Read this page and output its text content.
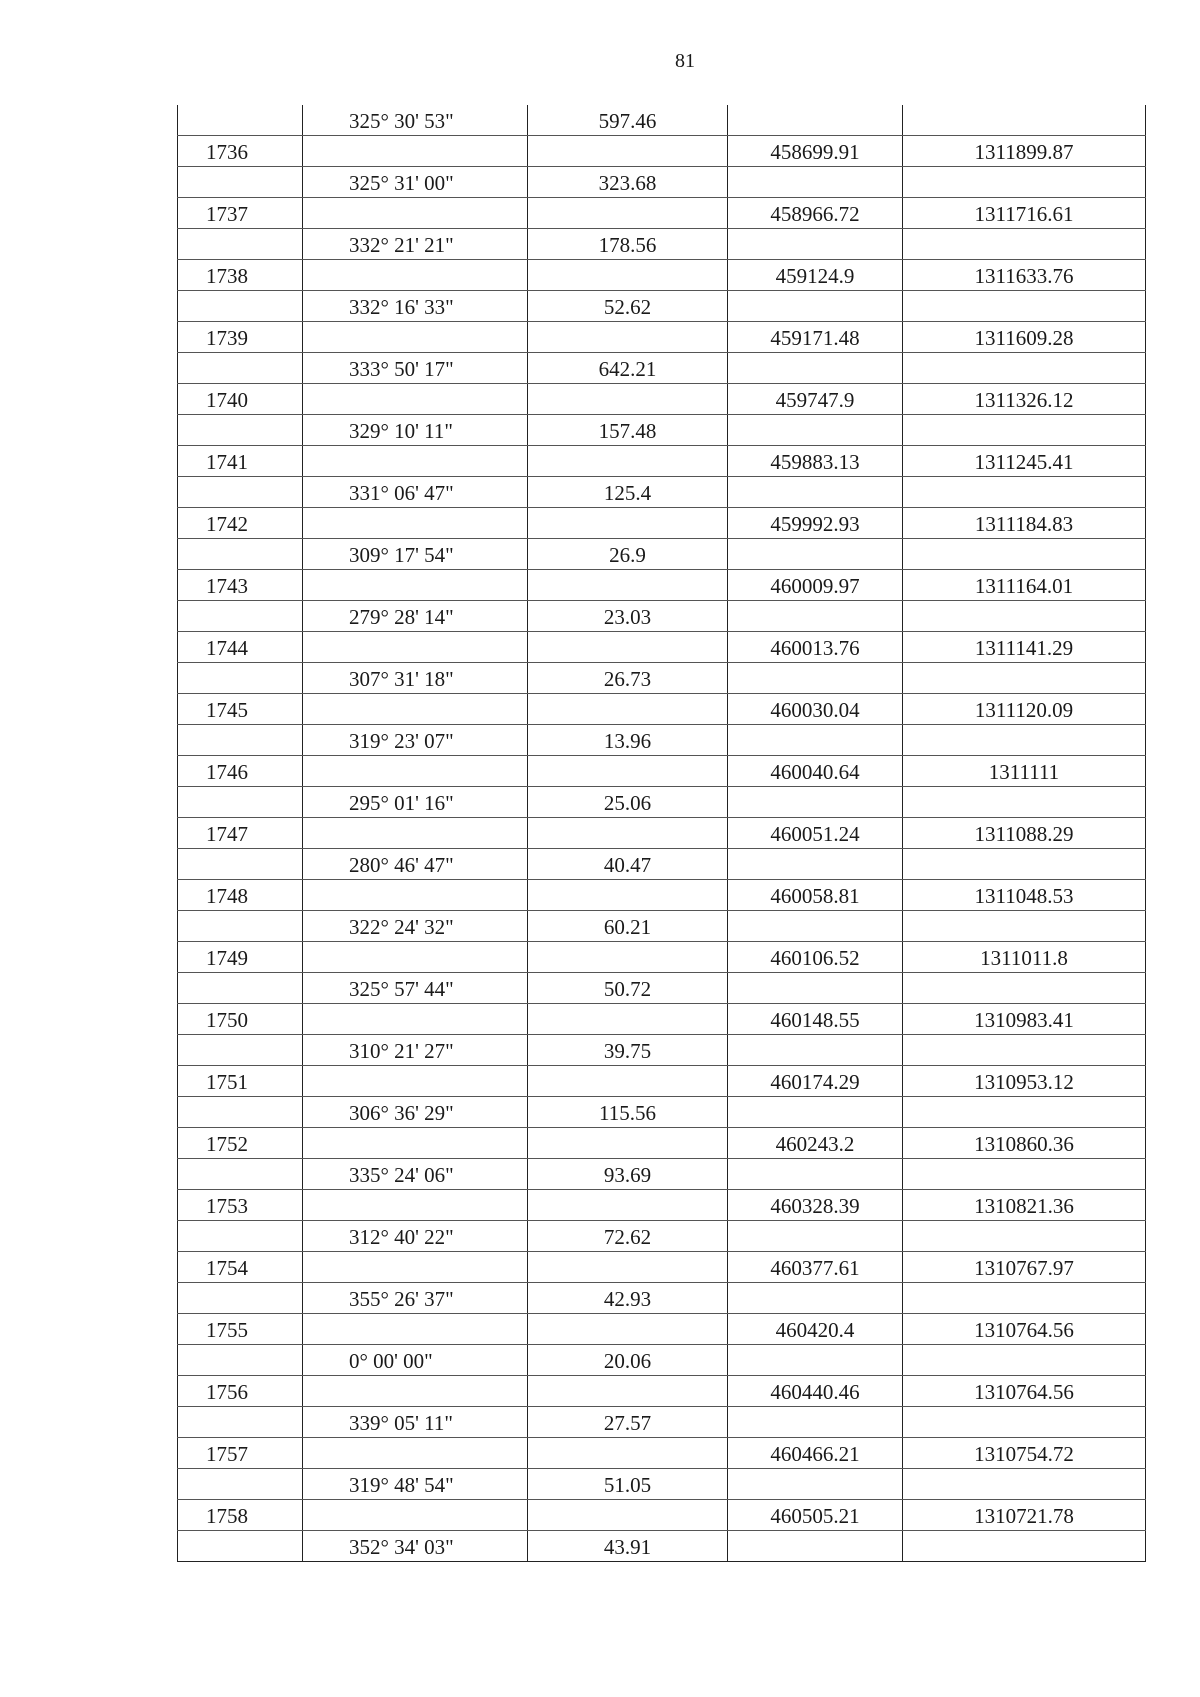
81
	325° 30' 53"	597.46		
1736			458699.91	1311899.87
	325° 31' 00"	323.68		
1737			458966.72	1311716.61
	332° 21' 21"	178.56		
1738			459124.9	1311633.76
	332° 16' 33"	52.62		
1739			459171.48	1311609.28
	333° 50' 17"	642.21		
1740			459747.9	1311326.12
	329° 10' 11"	157.48		
1741			459883.13	1311245.41
	331° 06' 47"	125.4		
1742			459992.93	1311184.83
	309° 17' 54"	26.9		
1743			460009.97	1311164.01
	279° 28' 14"	23.03		
1744			460013.76	1311141.29
	307° 31' 18"	26.73		
1745			460030.04	1311120.09
	319° 23' 07"	13.96		
1746			460040.64	1311111
	295° 01' 16"	25.06		
1747			460051.24	1311088.29
	280° 46' 47"	40.47		
1748			460058.81	1311048.53
	322° 24' 32"	60.21		
1749			460106.52	1311011.8
	325° 57' 44"	50.72		
1750			460148.55	1310983.41
	310° 21' 27"	39.75		
1751			460174.29	1310953.12
	306° 36' 29"	115.56		
1752			460243.2	1310860.36
	335° 24' 06"	93.69		
1753			460328.39	1310821.36
	312° 40' 22"	72.62		
1754			460377.61	1310767.97
	355° 26' 37"	42.93		
1755			460420.4	1310764.56
	0° 00' 00"	20.06		
1756			460440.46	1310764.56
	339° 05' 11"	27.57		
1757			460466.21	1310754.72
	319° 48' 54"	51.05		
1758			460505.21	1310721.78
	352° 34' 03"	43.91		
